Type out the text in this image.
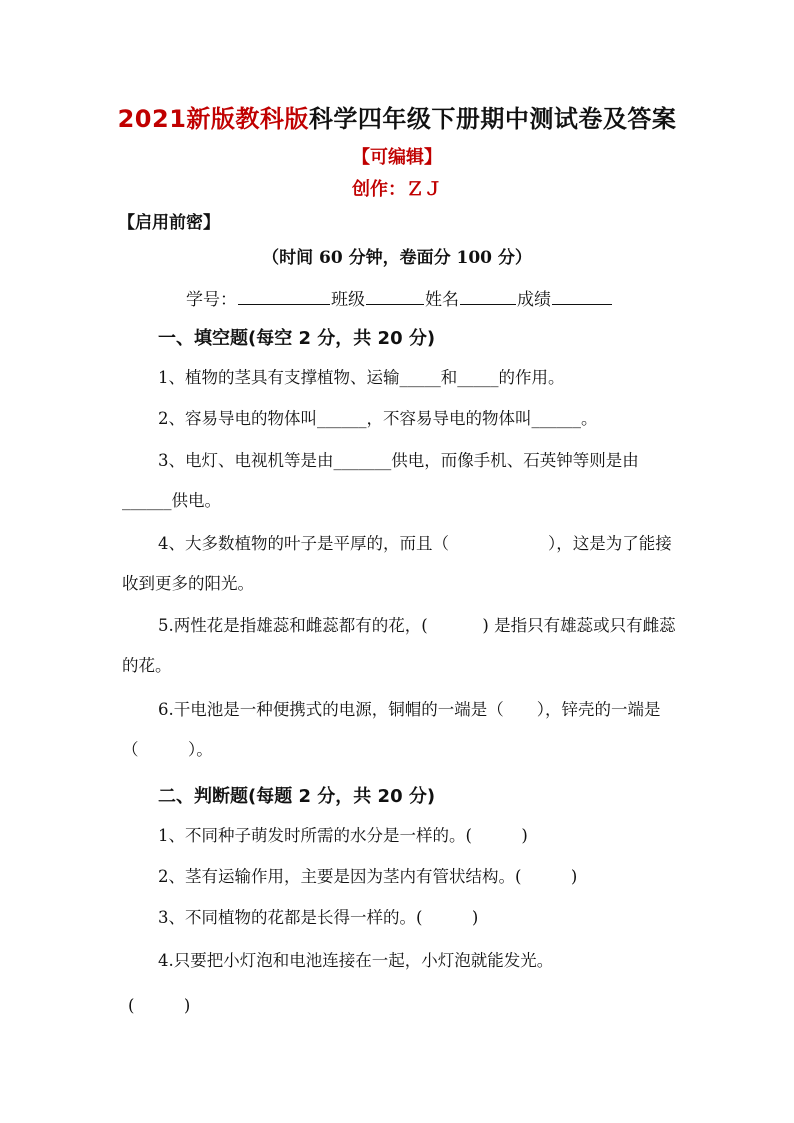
2021新版教科版科学四年级下册期中测试卷及答案
【可编辑】
创作：ＺＪ
【启用前密】
（时间 60 分钟，卷面分 100 分）
学号：	班级	姓名	成绩
一、填空题(每空 2 分，共 20 分)
1、植物的茎具有支撑植物、运输_____和_____的作用。
2、容易导电的物体叫______，不容易导电的物体叫______。
3、电灯、电视机等是由_______供电，而像手机、石英钟等则是由______供电。
4、大多数植物的叶子是平厚的，而且（　　　　　　），这是为了能接收到更多的阳光。
5.两性花是指雄蕊和雌蕊都有的花，(　　　 ) 是指只有雄蕊或只有雌蕊的花。
6.干电池是一种便携式的电源，铜帽的一端是（　　），锌壳的一端是（　　　）。
二、判断题(每题 2 分，共 20 分)
1、不同种子萌发时所需的水分是一样的。(　　　)
2、茎有运输作用，主要是因为茎内有管状结构。(　　　)
3、不同植物的花都是长得一样的。(　　　)
4.只要把小灯泡和电池连接在一起，小灯泡就能发光。
(　　　)
